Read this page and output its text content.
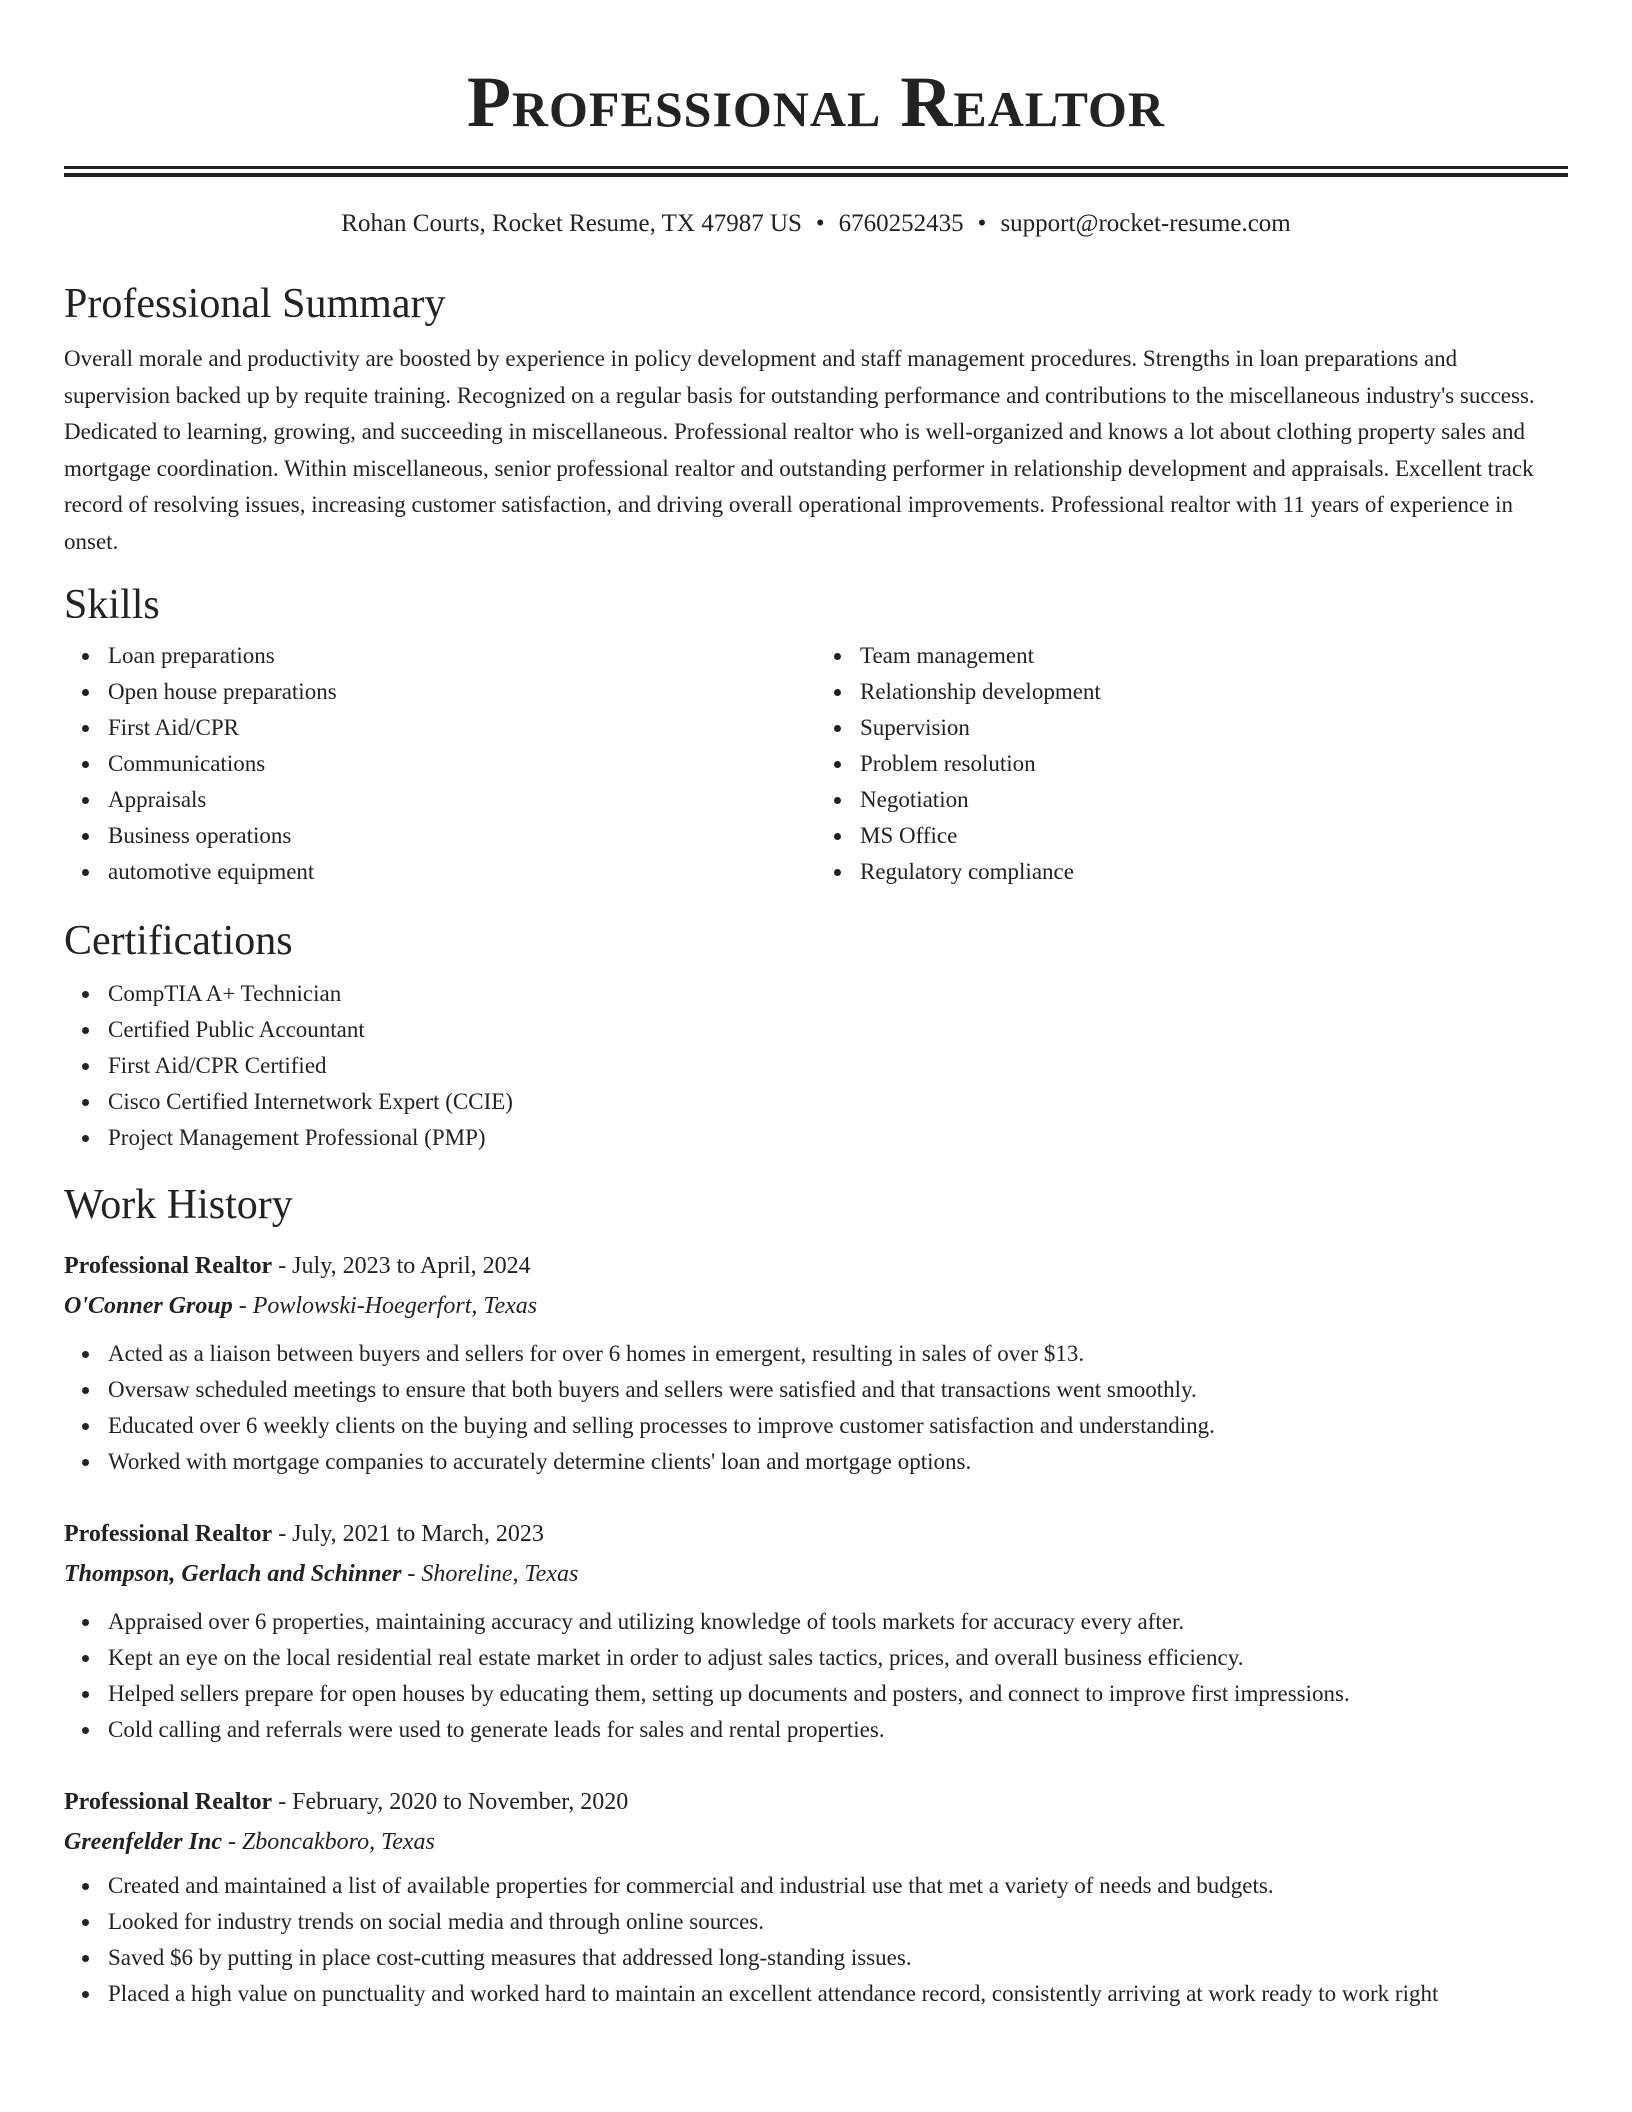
Professional Realtor
Rohan Courts, Rocket Resume, TX 47987 US • 6760252435 • support@rocket-resume.com
Professional Summary

Overall morale and productivity are boosted by experience in policy development and staff management procedures. Strengths in loan preparations and supervision backed up by requite training. Recognized on a regular basis for outstanding performance and contributions to the miscellaneous industry's success. Dedicated to learning, growing, and succeeding in miscellaneous. Professional realtor who is well-organized and knows a lot about clothing property sales and mortgage coordination. Within miscellaneous, senior professional realtor and outstanding performer in relationship development and appraisals. Excellent track record of resolving issues, increasing customer satisfaction, and driving overall operational improvements. Professional realtor with 11 years of experience in onset.

Skills
Loan preparations
Open house preparations
First Aid/CPR
Communications
Appraisals
Business operations
automotive equipment
Team management
Relationship development
Supervision
Problem resolution
Negotiation
MS Office
Regulatory compliance
Certifications
CompTIA A+ Technician
Certified Public Accountant
First Aid/CPR Certified
Cisco Certified Internetwork Expert (CCIE)
Project Management Professional (PMP)
Work History
Professional Realtor - July, 2023 to April, 2024
O'Conner Group - Powlowski-Hoegerfort, Texas
Acted as a liaison between buyers and sellers for over 6 homes in emergent, resulting in sales of over $13.
Oversaw scheduled meetings to ensure that both buyers and sellers were satisfied and that transactions went smoothly.
Educated over 6 weekly clients on the buying and selling processes to improve customer satisfaction and understanding.
Worked with mortgage companies to accurately determine clients' loan and mortgage options.
Professional Realtor - July, 2021 to March, 2023
Thompson, Gerlach and Schinner - Shoreline, Texas
Appraised over 6 properties, maintaining accuracy and utilizing knowledge of tools markets for accuracy every after.
Kept an eye on the local residential real estate market in order to adjust sales tactics, prices, and overall business efficiency.
Helped sellers prepare for open houses by educating them, setting up documents and posters, and connect to improve first impressions.
Cold calling and referrals were used to generate leads for sales and rental properties.
Professional Realtor - February, 2020 to November, 2020
Greenfelder Inc - Zboncakboro, Texas
Created and maintained a list of available properties for commercial and industrial use that met a variety of needs and budgets.
Looked for industry trends on social media and through online sources.
Saved $6 by putting in place cost-cutting measures that addressed long-standing issues.
Placed a high value on punctuality and worked hard to maintain an excellent attendance record, consistently arriving at work ready to work right
